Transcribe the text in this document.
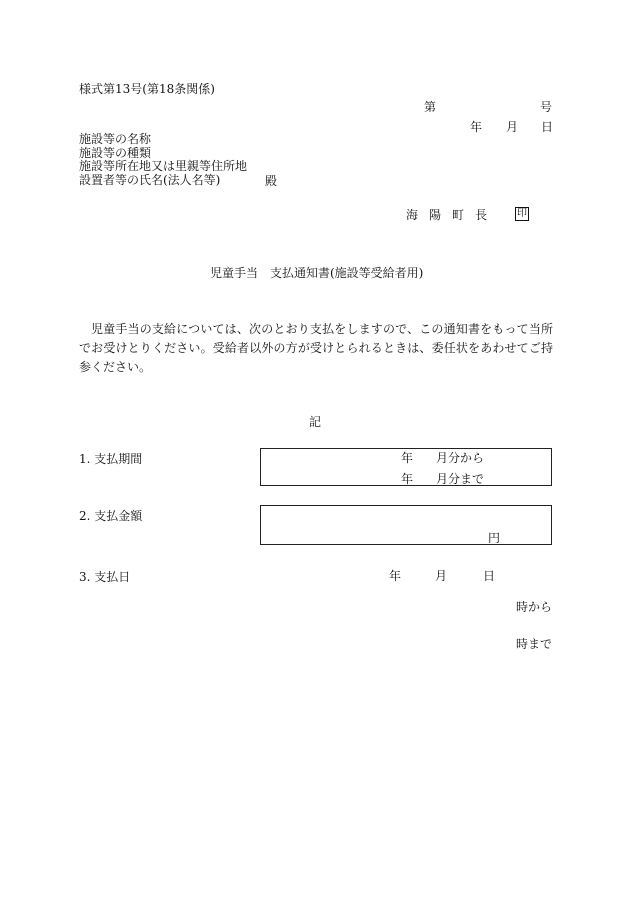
様式第13号(第18条関係)
第	号
年 月 日
施設等の名称
施設等の種類
施設等所在地又は里親等住所地
設置者等の氏名(法人名等)	殿
海 陽 町 長	印
児童手当　支払通知書(施設等受給者用)
児童手当の支給については、次のとおり支払をしますので、この通知書をもって当所でお受けとりください。受給者以外の方が受けとられるときは、委任状をあわせてご持参ください。
記
1. 支払期間	年 月分から
年 月分まで
2. 支払金額
円
3. 支払日	年	月	日
時から
時まで
